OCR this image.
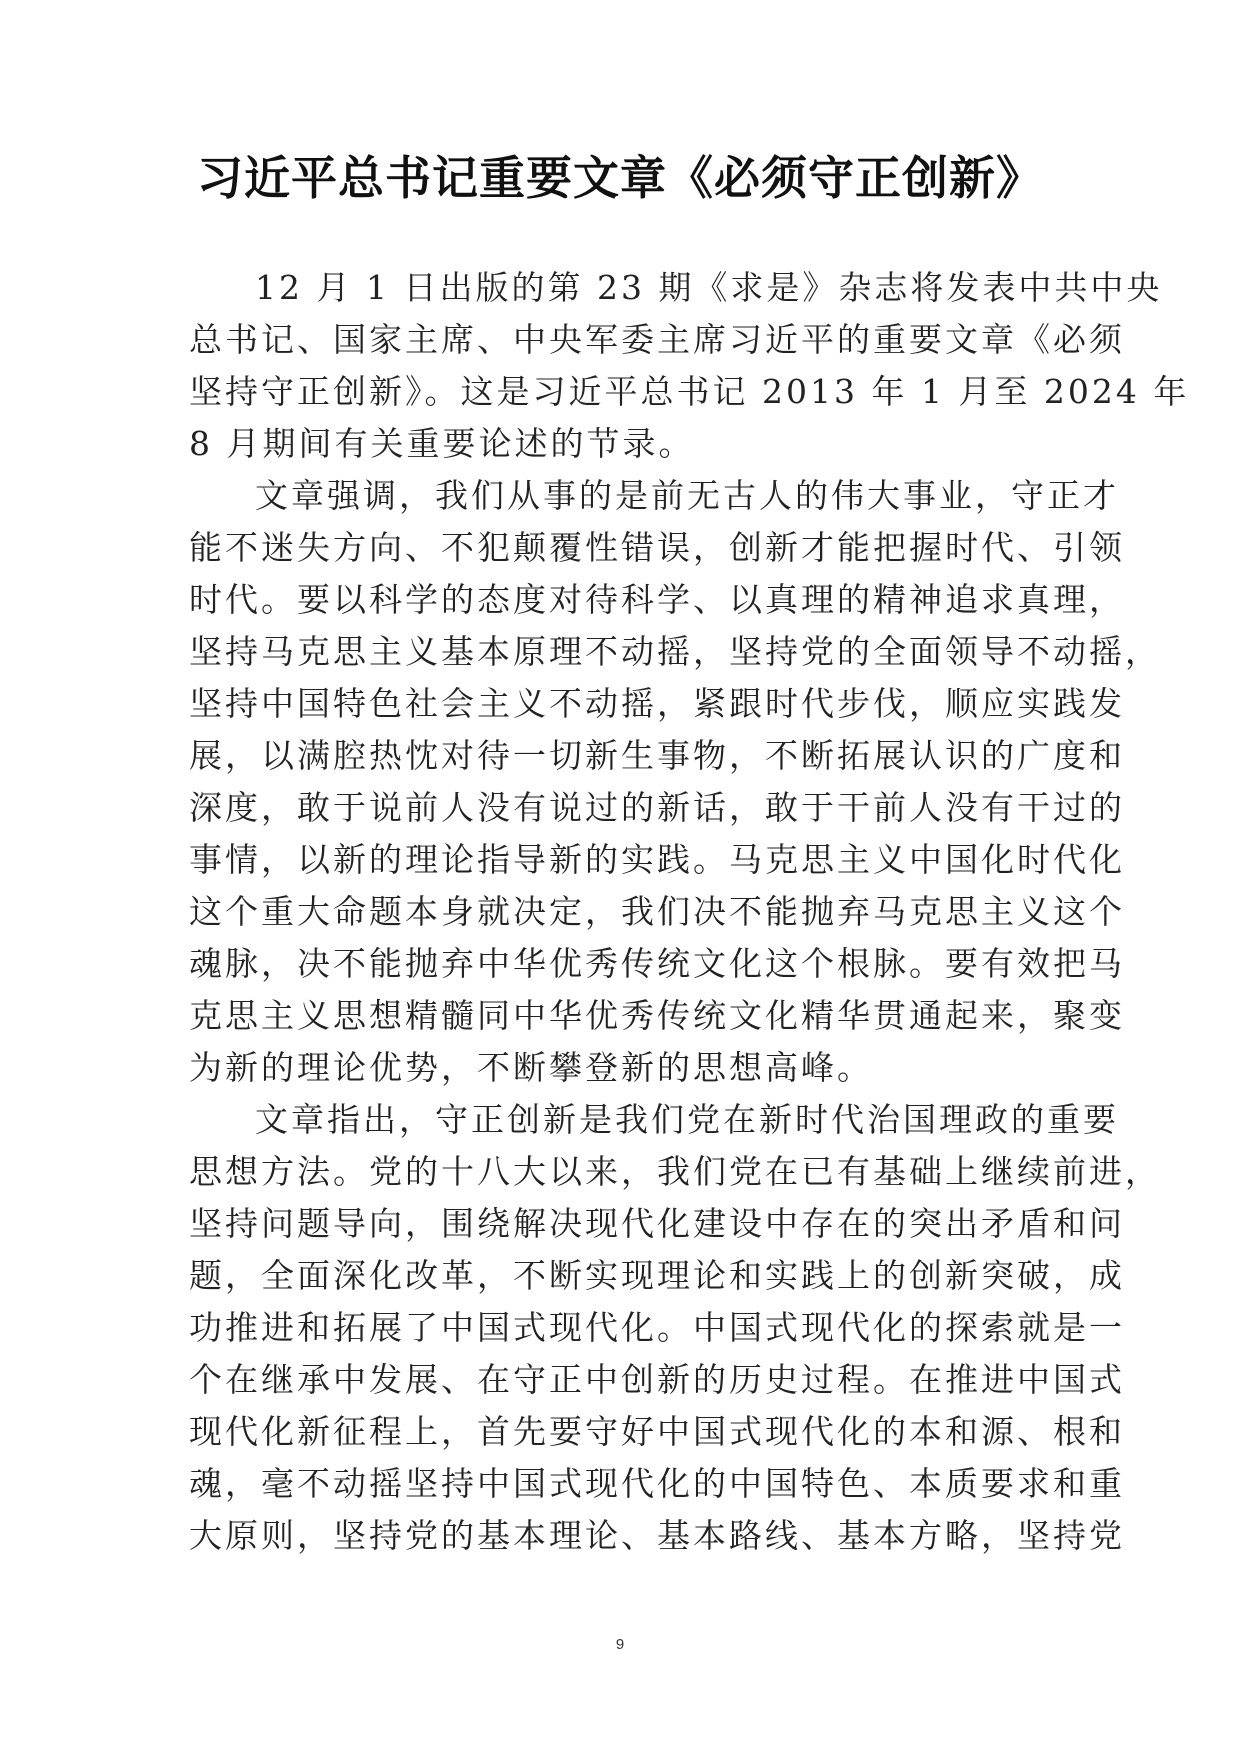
习近平总书记重要文章《必须守正创新》
12 月 1 日出版的第 23 期《求是》杂志将发表中共中央
总书记、国家主席、中央军委主席习近平的重要文章《必须
坚持守正创新》。这是习近平总书记 2013 年 1 月至 2024 年
8 月期间有关重要论述的节录。
文章强调，我们从事的是前无古人的伟大事业，守正才
能不迷失方向、不犯颠覆性错误，创新才能把握时代、引领
时代。要以科学的态度对待科学、以真理的精神追求真理，
坚持马克思主义基本原理不动摇，坚持党的全面领导不动摇，
坚持中国特色社会主义不动摇，紧跟时代步伐，顺应实践发
展，以满腔热忱对待一切新生事物，不断拓展认识的广度和
深度，敢于说前人没有说过的新话，敢于干前人没有干过的
事情，以新的理论指导新的实践。马克思主义中国化时代化
这个重大命题本身就决定，我们决不能抛弃马克思主义这个
魂脉，决不能抛弃中华优秀传统文化这个根脉。要有效把马
克思主义思想精髓同中华优秀传统文化精华贯通起来，聚变
为新的理论优势，不断攀登新的思想高峰。
文章指出，守正创新是我们党在新时代治国理政的重要
思想方法。党的十八大以来，我们党在已有基础上继续前进，
坚持问题导向，围绕解决现代化建设中存在的突出矛盾和问
题，全面深化改革，不断实现理论和实践上的创新突破，成
功推进和拓展了中国式现代化。中国式现代化的探索就是一
个在继承中发展、在守正中创新的历史过程。在推进中国式
现代化新征程上，首先要守好中国式现代化的本和源、根和
魂，毫不动摇坚持中国式现代化的中国特色、本质要求和重
大原则，坚持党的基本理论、基本路线、基本方略，坚持党
9
